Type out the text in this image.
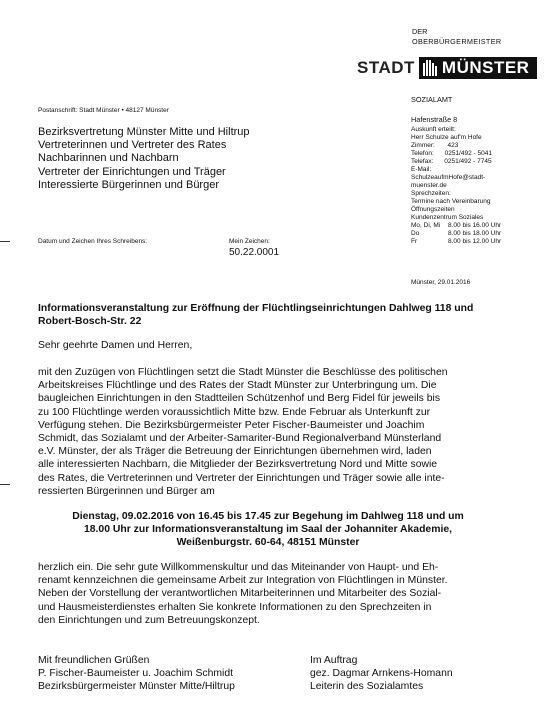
DER
OBERBÜRGERMEISTER
STADT MÜNSTER
SOZIALAMT
Hafenstraße 8
Postanschrift: Stadt Münster • 48127 Münster
Bezirksvertretung Münster Mitte und Hiltrup
Vertreterinnen und Vertreter des Rates
Nachbarinnen und Nachbarn
Vertreter der Einrichtungen und Träger
Interessierte Bürgerinnen und Bürger
Auskunft erteilt:
Herr Schulze auf'm Hofe
Zimmer:       423
Telefon:      0251/492 - 5041
Telefax:      0251/492 - 7745
E-Mail:
SchulzeaufmHofe@stadt-
muenster.de
Sprechzeiten:
Termine nach Vereinbarung
Öffnungszeiten
Kundenzentrum Soziales
Mo, Di, Mi	8.00 bis 16.00 Uhr
Do	8.00 bis 18.00 Uhr
Fr	8.00 bis 12.00 Uhr
Datum und Zeichen Ihres Schreibens:	Mein Zeichen:
50.22.0001
Münster, 29.01.2016
Informationsveranstaltung zur Eröffnung der Flüchtlingseinrichtungen Dahlweg 118 und Robert-Bosch-Str. 22
Sehr geehrte Damen und Herren,
mit den Zuzügen von Flüchtlingen setzt die Stadt Münster die Beschlüsse des politischen
Arbeitskreises Flüchtlinge und des Rates der Stadt Münster zur Unterbringung um. Die
baugleichen Einrichtungen in den Stadtteilen Schützenhof und Berg Fidel für jeweils bis
zu 100 Flüchtlinge werden voraussichtlich Mitte bzw. Ende Februar als Unterkunft zur
Verfügung stehen. Die Bezirksbürgermeister Peter Fischer-Baumeister und Joachim
Schmidt, das Sozialamt und der Arbeiter-Samariter-Bund Regionalverband Münsterland
e.V. Münster, der als Träger die Betreuung der Einrichtungen übernehmen wird, laden
alle interessierten Nachbarn, die Mitglieder der Bezirksvertretung Nord und Mitte sowie
des Rates, die Vertreterinnen und Vertreter der Einrichtungen und Träger sowie alle inte-
ressierten Bürgerinnen und Bürger am
Dienstag, 09.02.2016 von 16.45 bis 17.45 zur Begehung im Dahlweg 118 und um
18.00 Uhr zur Informationsveranstaltung im Saal der Johanniter Akademie,
Weißenburgstr. 60-64, 48151 Münster
herzlich ein. Die sehr gute Willkommenskultur und das Miteinander von Haupt- und Eh-
renamt kennzeichnen die gemeinsame Arbeit zur Integration von Flüchtlingen in Münster.
Neben der Vorstellung der verantwortlichen Mitarbeiterinnen und Mitarbeiter des Sozial-
und Hausmeisterdienstes erhalten Sie konkrete Informationen zu den Sprechzeiten in
den Einrichtungen und zum Betreuungskonzept.
Mit freundlichen Grüßen
P. Fischer-Baumeister u. Joachim Schmidt
Bezirksbürgermeister Münster Mitte/Hiltrup
Im Auftrag
gez. Dagmar Arnkens-Homann
Leiterin des Sozialamtes
